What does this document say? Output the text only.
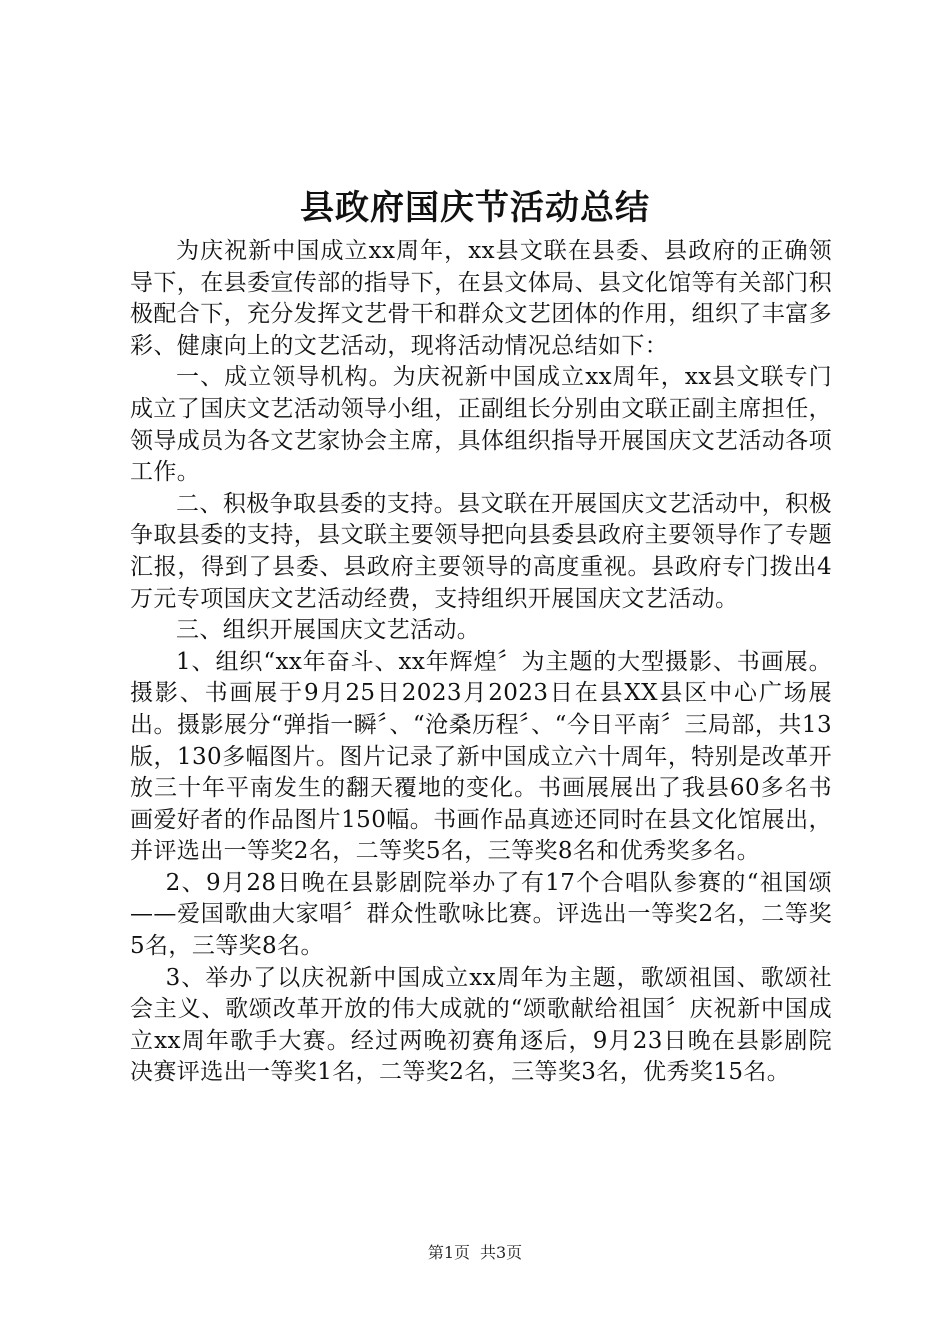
县政府国庆节活动总结

为庆祝新中国成立xx周年，xx县文联在县委、县政府的正确领导下，在县委宣传部的指导下，在县文体局、县文化馆等有关部门积极配合下，充分发挥文艺骨干和群众文艺团体的作用，组织了丰富多彩、健康向上的文艺活动，现将活动情况总结如下：

一、成立领导机构。为庆祝新中国成立xx周年，xx县文联专门成立了国庆文艺活动领导小组，正副组长分别由文联正副主席担任，领导成员为各文艺家协会主席，具体组织指导开展国庆文艺活动各项工作。

二、积极争取县委的支持。县文联在开展国庆文艺活动中，积极争取县委的支持，县文联主要领导把向县委县政府主要领导作了专题汇报，得到了县委、县政府主要领导的高度重视。县政府专门拨出4万元专项国庆文艺活动经费，支持组织开展国庆文艺活动。

三、组织开展国庆文艺活动。

1、组织“xx年奋斗、xx年辉煌〞为主题的大型摄影、书画展。摄影、书画展于9月25日2023月2023日在县XX县区中心广场展出。摄影展分“弹指一瞬〞、“沧桑历程〞、“今日平南〞三局部，共13版，130多幅图片。图片记录了新中国成立六十周年，特别是改革开放三十年平南发生的翻天覆地的变化。书画展展出了我县60多名书画爱好者的作品图片150幅。书画作品真迹还同时在县文化馆展出，并评选出一等奖2名，二等奖5名，三等奖8名和优秀奖多名。

2、9月28日晚在县影剧院举办了有17个合唱队参赛的“祖国颂——爱国歌曲大家唱〞群众性歌咏比赛。评选出一等奖2名，二等奖5名，三等奖8名。

3、举办了以庆祝新中国成立xx周年为主题，歌颂祖国、歌颂社会主义、歌颂改革开放的伟大成就的“颂歌献给祖国〞庆祝新中国成立xx周年歌手大赛。经过两晚初赛角逐后，9月23日晚在县影剧院决赛评选出一等奖1名，二等奖2名，三等奖3名，优秀奖15名。

第1页 共3页
